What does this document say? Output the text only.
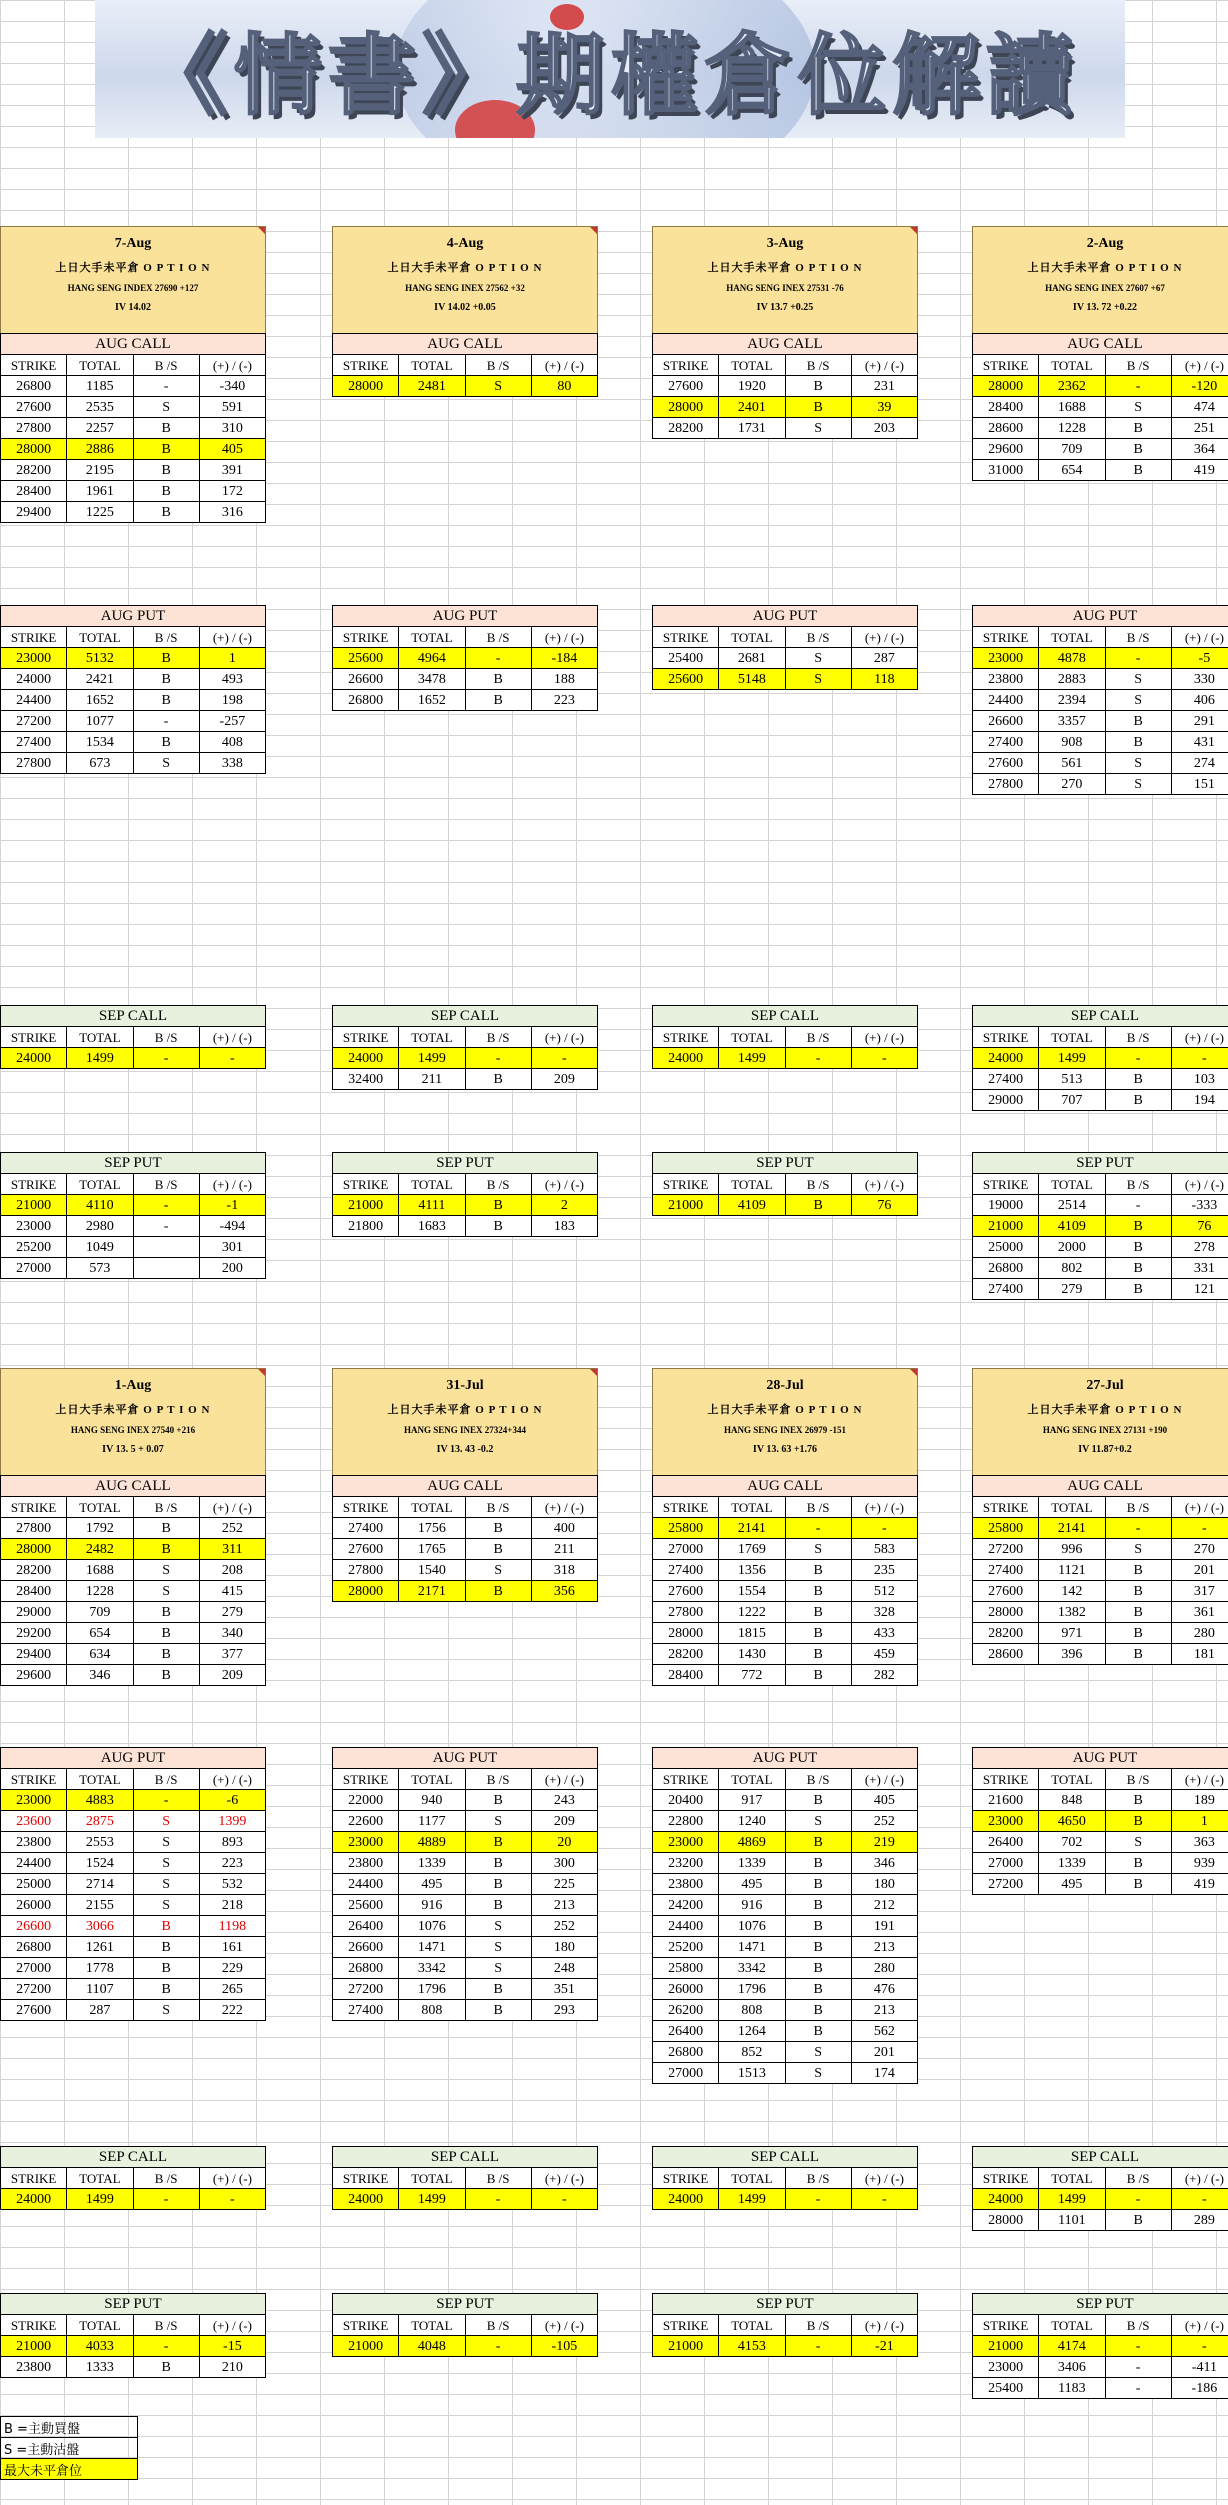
《情書》期權倉位解讀
7-Aug
上日大手未平倉 O P T I O N
HANG SENG INDEX 27690 +127
IV 14.02
AUG CALL			
STRIKE	TOTAL	B /S	(+) / (-)
26800	1185	-	-340
27600	2535	S	591
27800	2257	B	310
28000	2886	B	405
28200	2195	B	391
28400	1961	B	172
29400	1225	B	316
AUG PUT			
STRIKE	TOTAL	B /S	(+) / (-)
23000	5132	B	1
24000	2421	B	493
24400	1652	B	198
27200	1077	-	-257
27400	1534	B	408
27800	673	S	338
SEP CALL			
STRIKE	TOTAL	B /S	(+) / (-)
24000	1499	-	-
SEP PUT			
STRIKE	TOTAL	B /S	(+) / (-)
21000	4110	-	-1
23000	2980	-	-494
25200	1049		301
27000	573		200
4-Aug
上日大手未平倉 O P T I O N
HANG SENG INEX 27562 +32
IV 14.02 +0.05
AUG CALL			
STRIKE	TOTAL	B /S	(+) / (-)
28000	2481	S	80
AUG PUT			
STRIKE	TOTAL	B /S	(+) / (-)
25600	4964	-	-184
26600	3478	B	188
26800	1652	B	223
SEP CALL			
STRIKE	TOTAL	B /S	(+) / (-)
24000	1499	-	-
32400	211	B	209
SEP PUT			
STRIKE	TOTAL	B /S	(+) / (-)
21000	4111	B	2
21800	1683	B	183
3-Aug
上日大手未平倉 O P T I O N
HANG SENG INEX 27531 -76
IV 13.7 +0.25
AUG CALL			
STRIKE	TOTAL	B /S	(+) / (-)
27600	1920	B	231
28000	2401	B	39
28200	1731	S	203
AUG PUT			
STRIKE	TOTAL	B /S	(+) / (-)
25400	2681	S	287
25600	5148	S	118
SEP CALL			
STRIKE	TOTAL	B /S	(+) / (-)
24000	1499	-	-
SEP PUT			
STRIKE	TOTAL	B /S	(+) / (-)
21000	4109	B	76
2-Aug
上日大手未平倉 O P T I O N
HANG SENG INEX 27607 +67
IV 13. 72 +0.22
AUG CALL			
STRIKE	TOTAL	B /S	(+) / (-)
28000	2362	-	-120
28400	1688	S	474
28600	1228	B	251
29600	709	B	364
31000	654	B	419
AUG PUT			
STRIKE	TOTAL	B /S	(+) / (-)
23000	4878	-	-5
23800	2883	S	330
24400	2394	S	406
26600	3357	B	291
27400	908	B	431
27600	561	S	274
27800	270	S	151
SEP CALL			
STRIKE	TOTAL	B /S	(+) / (-)
24000	1499	-	-
27400	513	B	103
29000	707	B	194
SEP PUT			
STRIKE	TOTAL	B /S	(+) / (-)
19000	2514	-	-333
21000	4109	B	76
25000	2000	B	278
26800	802	B	331
27400	279	B	121
1-Aug
上日大手未平倉 O P T I O N
HANG SENG INEX 27540 +216
IV 13. 5 + 0.07
AUG CALL			
STRIKE	TOTAL	B /S	(+) / (-)
27800	1792	B	252
28000	2482	B	311
28200	1688	S	208
28400	1228	S	415
29000	709	B	279
29200	654	B	340
29400	634	B	377
29600	346	B	209
AUG PUT			
STRIKE	TOTAL	B /S	(+) / (-)
23000	4883	-	-6
23600	2875	S	1399
23800	2553	S	893
24400	1524	S	223
25000	2714	S	532
26000	2155	S	218
26600	3066	B	1198
26800	1261	B	161
27000	1778	B	229
27200	1107	B	265
27600	287	S	222
SEP CALL			
STRIKE	TOTAL	B /S	(+) / (-)
24000	1499	-	-
SEP PUT			
STRIKE	TOTAL	B /S	(+) / (-)
21000	4033	-	-15
23800	1333	B	210
31-Jul
上日大手未平倉 O P T I O N
HANG SENG INEX 27324+344
IV 13. 43 -0.2
AUG CALL			
STRIKE	TOTAL	B /S	(+) / (-)
27400	1756	B	400
27600	1765	B	211
27800	1540	S	318
28000	2171	B	356
AUG PUT			
STRIKE	TOTAL	B /S	(+) / (-)
22000	940	B	243
22600	1177	S	209
23000	4889	B	20
23800	1339	B	300
24400	495	B	225
25600	916	B	213
26400	1076	S	252
26600	1471	S	180
26800	3342	S	248
27200	1796	B	351
27400	808	B	293
SEP CALL			
STRIKE	TOTAL	B /S	(+) / (-)
24000	1499	-	-
SEP PUT			
STRIKE	TOTAL	B /S	(+) / (-)
21000	4048	-	-105
28-Jul
上日大手未平倉 O P T I O N
HANG SENG INEX 26979 -151
IV 13. 63 +1.76
AUG CALL			
STRIKE	TOTAL	B /S	(+) / (-)
25800	2141	-	-
27000	1769	S	583
27400	1356	B	235
27600	1554	B	512
27800	1222	B	328
28000	1815	B	433
28200	1430	B	459
28400	772	B	282
AUG PUT			
STRIKE	TOTAL	B /S	(+) / (-)
20400	917	B	405
22800	1240	S	252
23000	4869	B	219
23200	1339	B	346
23800	495	B	180
24200	916	B	212
24400	1076	B	191
25200	1471	B	213
25800	3342	B	280
26000	1796	B	476
26200	808	B	213
26400	1264	B	562
26800	852	S	201
27000	1513	S	174
SEP CALL			
STRIKE	TOTAL	B /S	(+) / (-)
24000	1499	-	-
SEP PUT			
STRIKE	TOTAL	B /S	(+) / (-)
21000	4153	-	-21
27-Jul
上日大手未平倉 O P T I O N
HANG SENG INEX 27131 +190
IV 11.87+0.2
AUG CALL			
STRIKE	TOTAL	B /S	(+) / (-)
25800	2141	-	-
27200	996	S	270
27400	1121	B	201
27600	142	B	317
28000	1382	B	361
28200	971	B	280
28600	396	B	181
AUG PUT			
STRIKE	TOTAL	B /S	(+) / (-)
21600	848	B	189
23000	4650	B	1
26400	702	S	363
27000	1339	B	939
27200	495	B	419
SEP CALL			
STRIKE	TOTAL	B /S	(+) / (-)
24000	1499	-	-
28000	1101	B	289
SEP PUT			
STRIKE	TOTAL	B /S	(+) / (-)
21000	4174	-	-
23000	3406	-	-411
25400	1183	-	-186
B =主動買盤
S =主動沽盤
最大未平倉位
